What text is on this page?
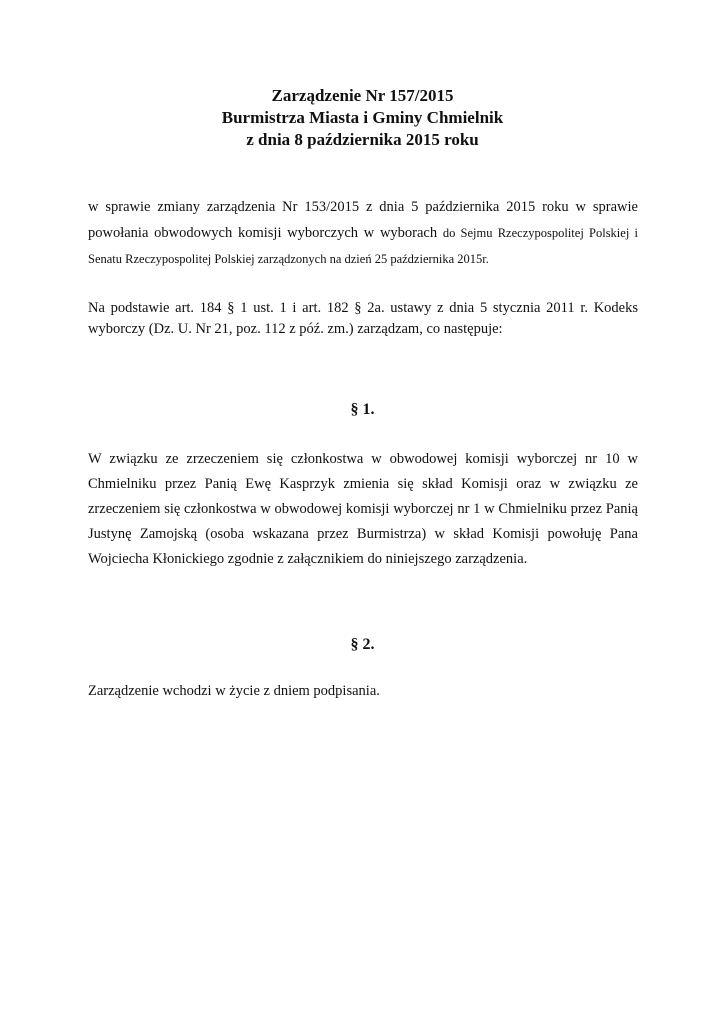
Zarządzenie Nr 157/2015
Burmistrza Miasta i Gminy Chmielnik
z dnia 8 października 2015 roku
w sprawie zmiany zarządzenia Nr 153/2015 z dnia 5 października 2015 roku w sprawie powołania obwodowych komisji wyborczych w wyborach do Sejmu Rzeczypospolitej Polskiej i Senatu Rzeczypospolitej Polskiej zarządzonych na dzień 25 października 2015r.
Na podstawie art. 184 § 1 ust. 1 i art. 182 § 2a. ustawy z dnia 5 stycznia 2011 r. Kodeks wyborczy (Dz. U. Nr 21, poz. 112 z póź. zm.) zarządzam, co następuje:
§ 1.
W związku ze zrzeczeniem się członkostwa w obwodowej komisji wyborczej nr 10 w Chmielniku przez Panią Ewę Kasprzyk zmienia się skład Komisji oraz w związku ze zrzeczeniem się członkostwa w obwodowej komisji wyborczej nr 1 w Chmielniku przez Panią Justynę Zamojską (osoba wskazana przez Burmistrza) w skład Komisji powołuję Pana Wojciecha Kłonickiego zgodnie z załącznikiem do niniejszego zarządzenia.
§ 2.
Zarządzenie wchodzi w życie z dniem podpisania.
